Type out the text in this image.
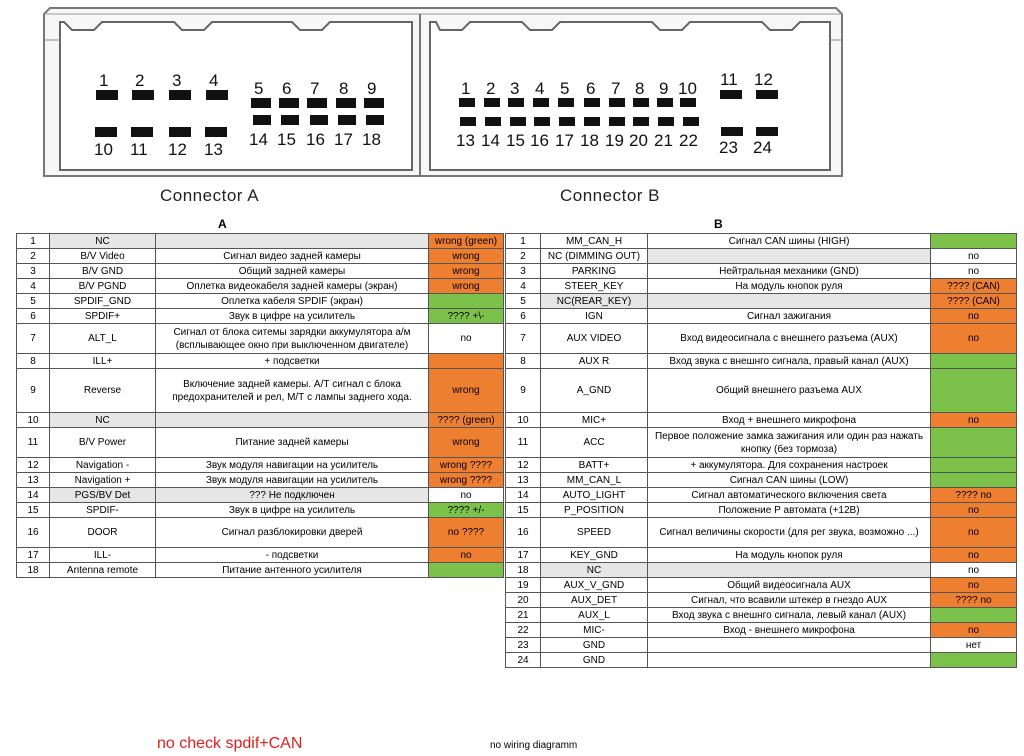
1 2 3 4 5 6 7 8 9
10 11 12 13
14 15 16 17 18
1 2 3 4 5 6 7 8 9 10 11 12
13 14 15 16 17 18 19 20 21 22 23 24
Connector A	Connector B
A	B
1	NC		wrong (green)
2	B/V Video	Сигнал видео задней камеры	wrong
3	B/V GND	Общий задней камеры	wrong
4	B/V PGND	Оплетка видеокабеля задней камеры (экран)	wrong
5	SPDIF_GND	Оплетка кабеля SPDIF (экран)	
6	SPDIF+	Звук в цифре на усилитель	???? +\-
7	ALT_L	Сигнал от блока ситемы зарядки аккумулятора а/м (всплывающее окно при выключенном двигателе)	no
8	ILL+	+ подсветки	
9	Reverse	Включение задней камеры. А/Т сигнал с блока предохранителей и рел, М/Т с лампы заднего хода.	wrong
10	NC		???? (green)
11	B/V Power	Питание задней камеры	wrong
12	Navigation -	Звук модуля навигации на усилитель	wrong ????
13	Navigation +	Звук модуля навигации на усилитель	wrong ????
14	PGS/BV Det	??? Не подключен	no
15	SPDIF-	Звук в цифре на усилитель	???? +/-
16	DOOR	Сигнал разблокировки дверей	no ????
17	ILL-	- подсветки	no
18	Antenna remote	Питание антенного усилителя	
1	MM_CAN_H	Сигнал CAN шины (HIGH)	
2	NC (DIMMING OUT)		no
3	PARKING	Нейтральная механики (GND)	no
4	STEER_KEY	На модуль кнопок руля	???? (CAN)
5	NC(REAR_KEY)		???? (CAN)
6	IGN	Сигнал зажигания	no
7	AUX VIDEO	Вход видеосигнала с внешнего разъема (AUX)	no
8	AUX R	Вход звука с внешнго сигнала, правый канал (AUX)	
9	A_GND	Общий внешнего разъема AUX	
10	MIC+	Вход + внешнего микрофона	no
11	ACC	Первое положение замка зажигания или один раз нажать кнопку (без тормоза)	
12	BATT+	+ аккумулятора. Для сохранения настроек	
13	MM_CAN_L	Сигнал CAN шины (LOW)	
14	AUTO_LIGHT	Сигнал автоматического включения света	???? no
15	P_POSITION	Положение Р автомата (+12В)	no
16	SPEED	Сигнал величины скорости (для рег звука, возможно ...)	no
17	KEY_GND	На модуль кнопок руля	no
18	NC		no
19	AUX_V_GND	Общий видеосигнала AUX	no
20	AUX_DET	Сигнал, что всавили штекер в гнездо AUX	???? no
21	AUX_L	Вход звука с внешнго сигнала, левый канал (AUX)	
22	MIC-	Вход - внешнего микрофона	no
23	GND		нет
24	GND		
no check spdif+CAN	no wiring diagramm
